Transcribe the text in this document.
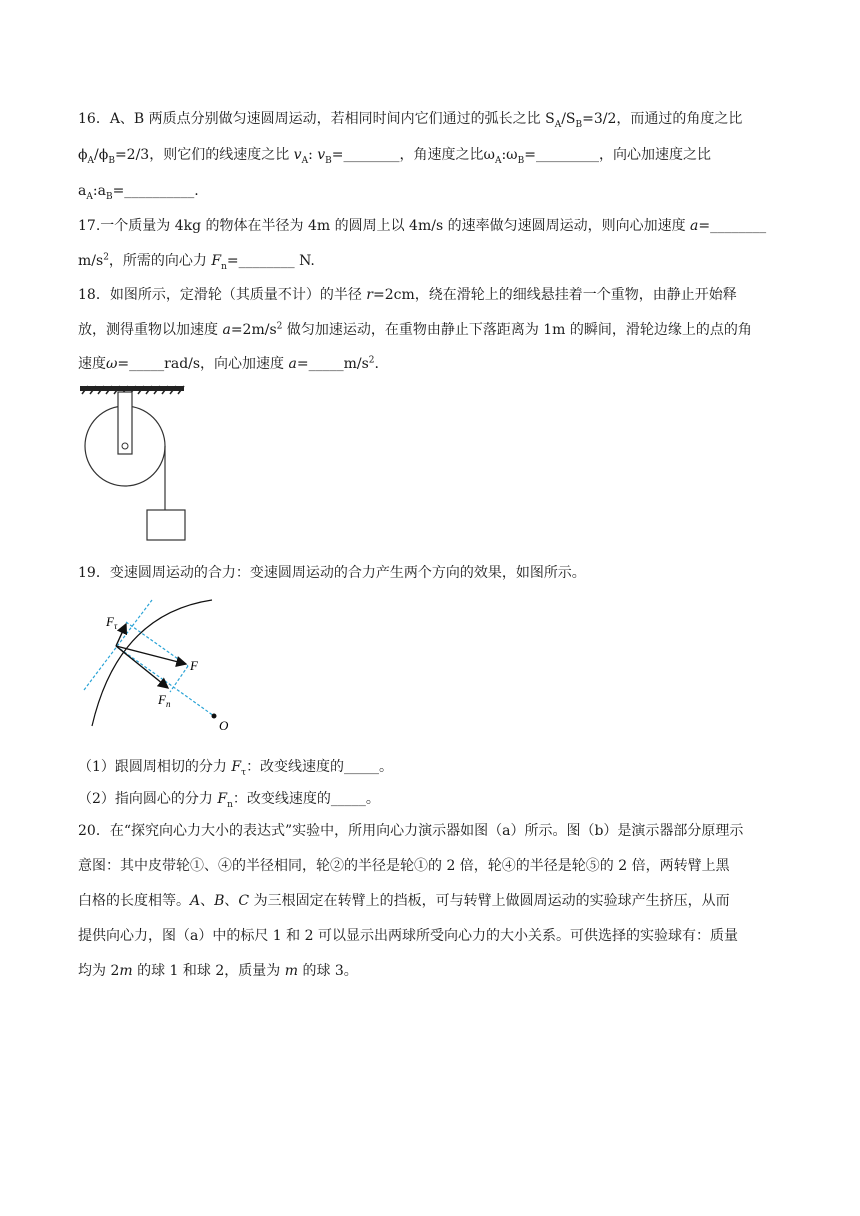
16．A、B 两质点分别做匀速圆周运动，若相同时间内它们通过的弧长之比 $S_A/S_B=3/2$，而通过的角度之比
$\phi_A/\phi_B=2/3$，则它们的线速度之比 $v_A$: $v_B=\_\_\_\_\_\_\_\_$，角速度之比$\omega_A:\omega_B=\_\_\_\_\_\_\_\_\_$，向心加速度之比
$a_A:a_B=\_\_\_\_\_\_\_\_\_\_$.
17.一个质量为 4kg 的物体在半径为 4m 的圆周上以 4m/s 的速率做匀速圆周运动，则向心加速度 a=________
$m/s^2$，所需的向心力 $F_n=\_\_\_\_\_\_\_\_$ N.
18．如图所示，定滑轮（其质量不计）的半径 r=2cm，绕在滑轮上的细线悬挂着一个重物，由静止开始释
放，测得重物以加速度 $a=2m/s^2$ 做匀加速运动，在重物由静止下落距离为 1m 的瞬间，滑轮边缘上的点的角
速度ω=_____rad/s，向心加速度 $a=\_\_\_\_\_m/s^2$.
19．变速圆周运动的合力：变速圆周运动的合力产生两个方向的效果，如图所示。
$F_\tau$
F
$F_n$
O
（1）跟圆周相切的分力 $F_\tau$：改变线速度的_____。
（2）指向圆心的分力 $F_n$：改变线速度的_____。
20．在“探究向心力大小的表达式”实验中，所用向心力演示器如图（a）所示。图（b）是演示器部分原理示
意图：其中皮带轮①、④的半径相同，轮②的半径是轮①的 2 倍，轮④的半径是轮⑤的 2 倍，两转臂上黑
白格的长度相等。A、B、C 为三根固定在转臂上的挡板，可与转臂上做圆周运动的实验球产生挤压，从而
提供向心力，图（a）中的标尺 1 和 2 可以显示出两球所受向心力的大小关系。可供选择的实验球有：质量
均为 2m 的球 1 和球 2，质量为 m 的球 3。
